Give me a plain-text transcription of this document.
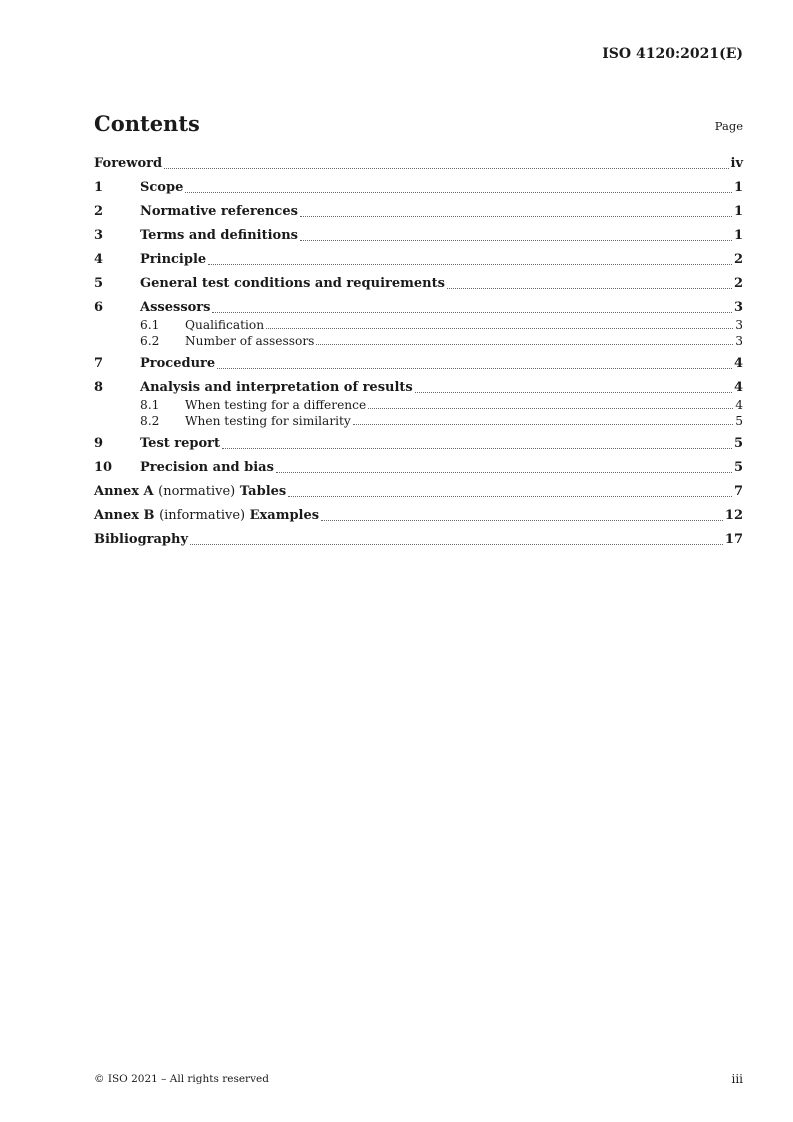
ISO 4120:2021(E)
Contents	Page
Foreword	iv
1	Scope	1
2	Normative references	1
3	Terms and definitions	1
4	Principle	2
5	General test conditions and requirements	2
6	Assessors	3
6.1	Qualification	3
6.2	Number of assessors	3
7	Procedure	4
8	Analysis and interpretation of results	4
8.1	When testing for a difference	4
8.2	When testing for similarity	5
9	Test report	5
10	Precision and bias	5
Annex A (normative) Tables	7
Annex B (informative) Examples	12
Bibliography	17
© ISO 2021 – All rights reserved	iii
